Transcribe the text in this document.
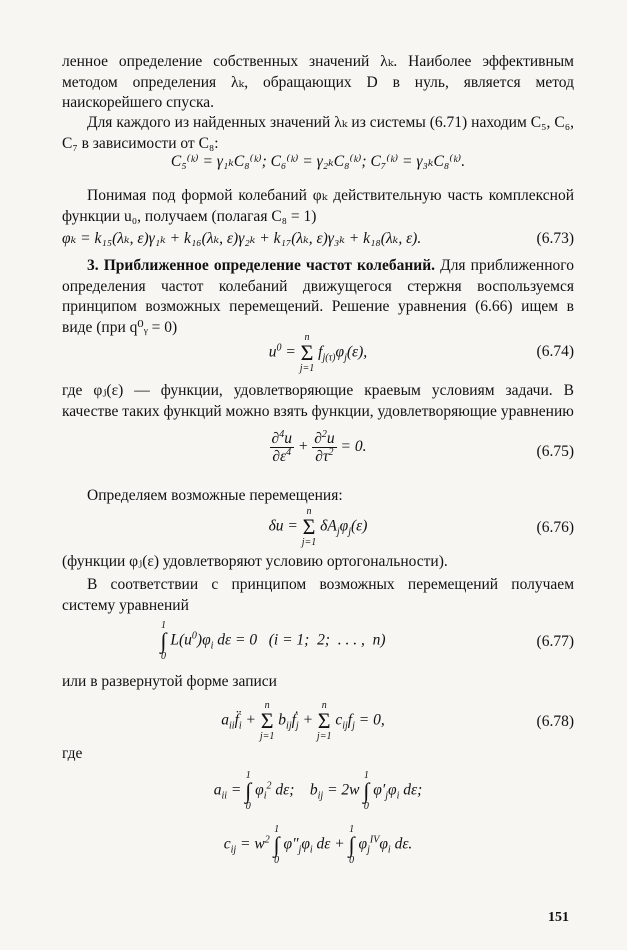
ленное определение собственных значений λₖ. Наиболее эффективным методом определения λₖ, обращающих D в нуль, является метод наискорейшего спуска.

Для каждого из найденных значений λₖ из системы (6.71) находим C₅, C₆, C₇ в зависимости от C₈:

C₅⁽ᵏ⁾ = γ₁ₖC₈⁽ᵏ⁾; C₆⁽ᵏ⁾ = γ₂ₖC₈⁽ᵏ⁾; C₇⁽ᵏ⁾ = γ₃ₖC₈⁽ᵏ⁾.

Понимая под формой колебаний φₖ действительную часть комплексной функции u₀, получаем (полагая C₈ = 1)

φₖ = k₁₅(λₖ, ε)γ₁ₖ + k₁₆(λₖ, ε)γ₂ₖ + k₁₇(λₖ, ε)γ₃ₖ + k₁₈(λₖ, ε).	(6.73)

3. Приближенное определение частот колебаний. Для приближенного определения частот колебаний движущегося стержня воспользуемся принципом возможных перемещений. Решение уравнения (6.66) ищем в виде (при q⁰ᵧ = 0)

$u^0$ =
n
Σ
j=1
$f_{j(\tau)}\varphi_j(\varepsilon)$,	(6.74)

где φⱼ(ε) — функции, удовлетворяющие краевым условиям задачи. В качестве таких функций можно взять функции, удовлетворяющие уравнению

$\frac{\partial^4u}{\partial\varepsilon^4} + \frac{\partial^2u}{\partial\tau^2} = 0$.	(6.75)

Определяем возможные перемещения:

δu =
n
Σ
j=1
$\delta A_j\varphi_j(\varepsilon)$	(6.76)

(функции φⱼ(ε) удовлетворяют условию ортогональности).

В соответствии с принципом возможных перемещений получаем систему уравнений

1
∫
0
$L(u^0)\varphi_i$ dε = 0   (i = 1;  2;  . . . ,  n)	(6.77)

или в развернутой форме записи

$a_{ii}f̈_i$ +
n
Σ
j=1
$b_{ij}ḟ_j$ +
n
Σ
j=1
$c_{ij}f_j = 0$,	(6.78)

где

$a_{ii}$ =
1
∫
0
$\varphi_i^2$ dε;    $b_{ij} = 2w$
1
∫
0
$\varphi'_j\varphi_i$ dε;
$c_{ij} = w^2$
1
∫
0
$\varphi''_j\varphi_i$ dε +
1
∫
0
$\varphi_j^{IV}\varphi_i$ dε.
151
